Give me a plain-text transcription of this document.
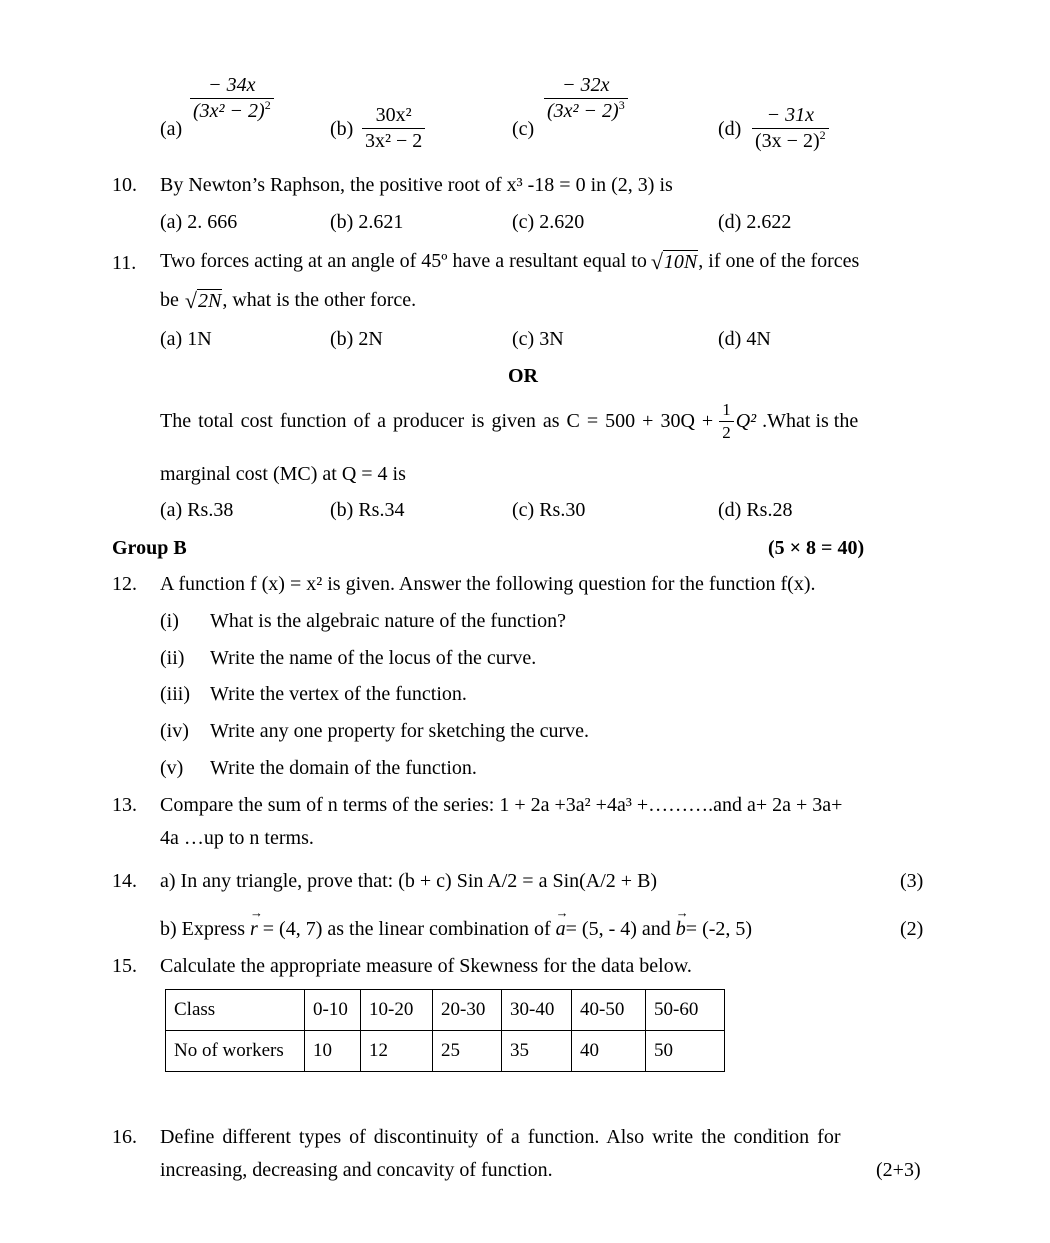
(a)
$\frac{- 34x}{(3x^2 - 2)^2}$
$(b) \frac{\text{30x²}}{\text{3x² − 2}}$	(c)
$\frac{- 32x}{(3x^2 - 2)^3}$
$(d) \frac{- 31x}{(3x - 2)^2}$
10. By Newton’s Raphson, the positive root of x³ -18 = 0 in (2, 3) is
(a) 2. 666	(b) 2.621	(c) 2.620	(d) 2.622
11. Two forces acting at an angle of 45º have a resultant equal to √ 10N , if one of the forces
be √ 2N , what is the other force.
(a) 1N	(b) 2N	(c) 3N	(d) 4N
OR
The total cost function of a producer is given as $C = 500 + 30Q + \frac{1}{2} Q^2$ .What is the
marginal cost (MC) at Q = 4 is
(a) Rs.38	(b) Rs.34	(c) Rs.30	(d) Rs.28
Group B	(5 × 8 = 40)
12. A function f (x) = x² is given. Answer the following question for the function f(x).
(i) What is the algebraic nature of the function?
(ii) Write the name of the locus of the curve.
(iii) Write the vertex of the function.
(iv) Write any one property for sketching the curve.
(v) Write the domain of the function.
13. Compare the sum of n terms of the series: 1 + 2a +3a² +4a³ +……….and a+ 2a + 3a+
4a …up to n terms.
14. a) In any triangle, prove that: (b + c) Sin A/2 = a Sin(A/2 + B)	(3)
b) Express → r = (4, 7) as the linear combination of → a= (5, - 4) and → b= (-2, 5)	(2)
15. Calculate the appropriate measure of Skewness for the data below.
Class	0-10	10-20	20-30	30-40	40-50	50-60
No of workers	10	12	25	35	40	50
16. Define different types of discontinuity of a function. Also write the condition for
increasing, decreasing and concavity of function.	(2+3)
